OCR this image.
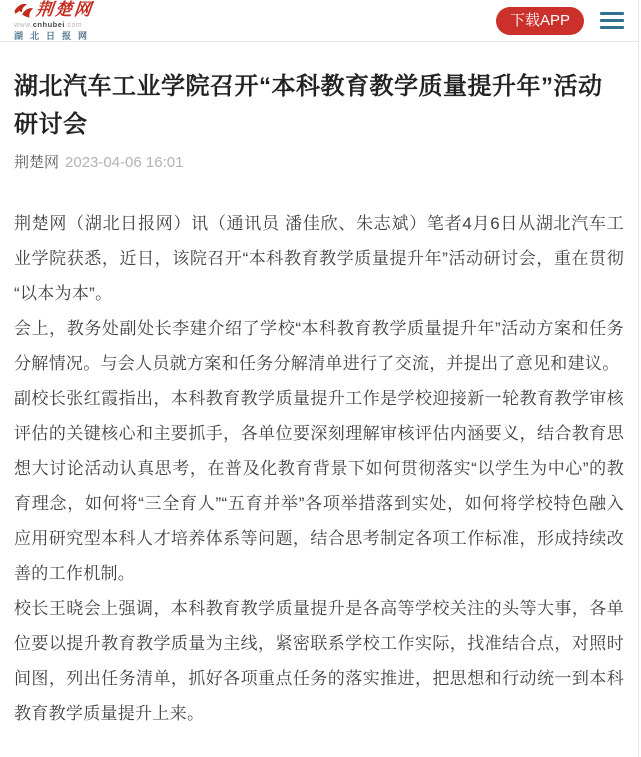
荆楚网
www.cnhubei.com
湖北日报网
下载APP
湖北汽车工业学院召开“本科教育教学质量提升年”活动研讨会
荆楚网 2023-04-06 16:01

荆楚网（湖北日报网）讯（通讯员 潘佳欣、朱志斌）笔者4月6日从湖北汽车工业学院获悉，近日，该院召开“本科教育教学质量提升年”活动研讨会，重在贯彻“以本为本”。

会上，教务处副处长李建介绍了学校“本科教育教学质量提升年”活动方案和任务分解情况。与会人员就方案和任务分解清单进行了交流，并提出了意见和建议。

副校长张红霞指出，本科教育教学质量提升工作是学校迎接新一轮教育教学审核评估的关键核心和主要抓手，各单位要深刻理解审核评估内涵要义，结合教育思想大讨论活动认真思考，在普及化教育背景下如何贯彻落实“以学生为中心”的教育理念，如何将“三全育人”“五育并举”各项举措落到实处，如何将学校特色融入应用研究型本科人才培养体系等问题，结合思考制定各项工作标准，形成持续改善的工作机制。

校长王晓会上强调，本科教育教学质量提升是各高等学校关注的头等大事，各单位要以提升教育教学质量为主线，紧密联系学校工作实际，找准结合点，对照时间图，列出任务清单，抓好各项重点任务的落实推进，把思想和行动统一到本科教育教学质量提升上来。
